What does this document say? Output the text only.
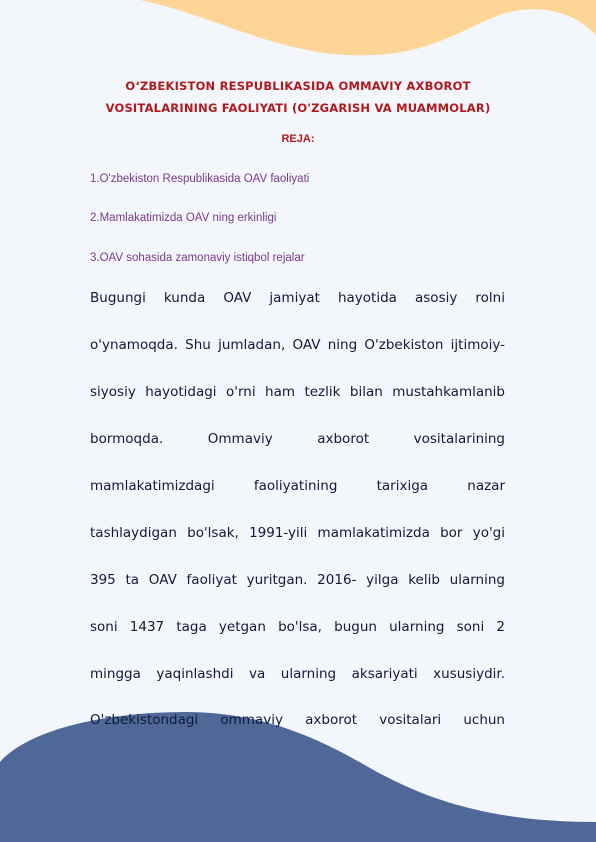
O‘ZBEKISTON RESPUBLIKASIDA OMMAVIY AXBOROT
VOSITALARINING FAOLIYATI (O'ZGARISH VA MUAMMOLAR)
REJA:
1.O'zbekiston Respublikasida OAV faoliyati
2.Mamlakatimizda OAV ning erkinligi
3.OAV sohasida zamonaviy istiqbol rejalar
Bugungi kunda OAV jamiyat hayotida asosiy rolni
o'ynamoqda. Shu jumladan, OAV ning O'zbekiston ijtimoiy-
siyosiy hayotidagi o'rni ham tezlik bilan mustahkamlanib
bormoqda. Ommaviy axborot vositalarining
mamlakatimizdagi faoliyatining tarixiga nazar
tashlaydigan bo'lsak, 1991-yili mamlakatimizda bor yo'gi
395 ta OAV faoliyat yuritgan. 2016- yilga kelib ularning
soni 1437 taga yetgan bo'lsa, bugun ularning soni 2
mingga yaqinlashdi va ularning aksariyati xususiydir.
O'zbekistondagi ommaviy axborot vositalari uchun
